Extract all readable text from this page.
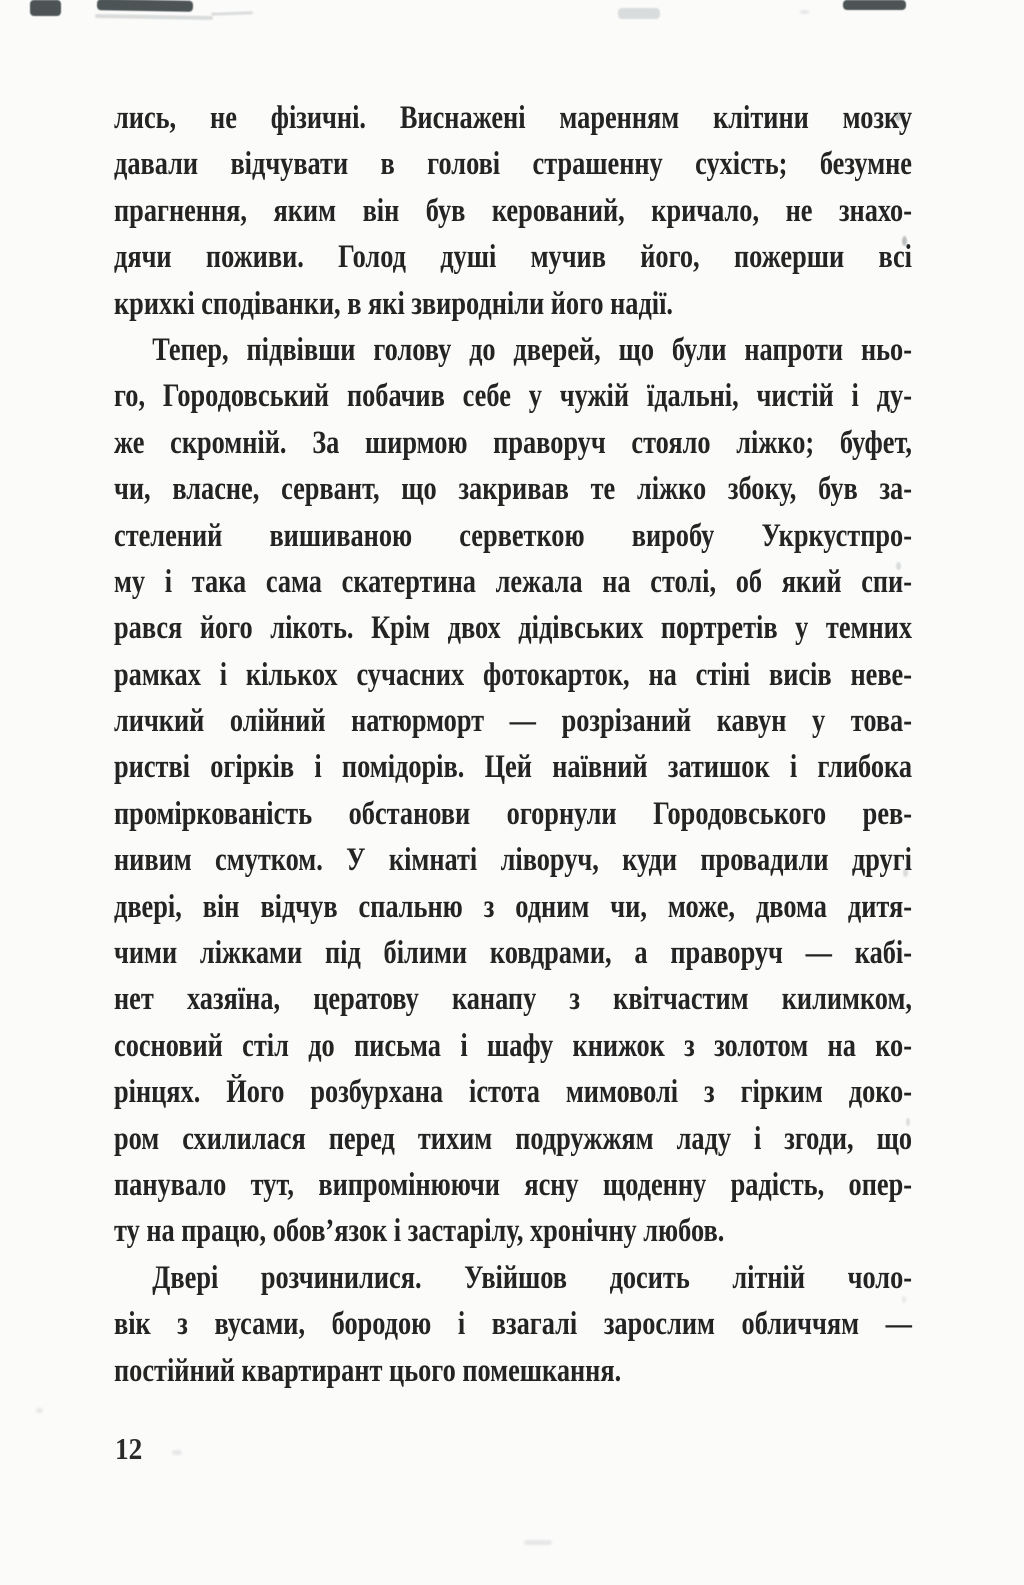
лись, не фізичні. Виснажені маренням клітини мозку
давали відчувати в голові страшенну сухість; безумне
прагнення, яким він був керований, кричало, не знахо-
дячи поживи. Голод душі мучив його, пожерши всі
крихкі сподіванки, в які звиродніли його надії.
Тепер, підвівши голову до дверей, що були напроти ньо-
го, Городовський побачив себе у чужій їдальні, чистій і ду-
же скромній. За ширмою праворуч стояло ліжко; буфет,
чи, власне, сервант, що закривав те ліжко збоку, був за-
стелений вишиваною серветкою виробу Укркустпро-
му і така сама скатертина лежала на столі, об який спи-
рався його лікоть. Крім двох дідівських портретів у темних
рамках і кількох сучасних фотокарток, на стіні висів неве-
личкий олійний натюрморт — розрізаний кавун у това-
ристві огірків і помідорів. Цей наївний затишок і глибока
проміркованість обстанови огорнули Городовського рев-
нивим смутком. У кімнаті ліворуч, куди провадили другі
двері, він відчув спальню з одним чи, може, двома дитя-
чими ліжками під білими ковдрами, а праворуч — кабі-
нет хазяїна, цератову канапу з квітчастим килимком,
сосновий стіл до письма і шафу книжок з золотом на ко-
рінцях. Його розбурхана істота мимоволі з гірким доко-
ром схилилася перед тихим подружжям ладу і згоди, що
панувало тут, випромінюючи ясну щоденну радість, опер-
ту на працю, обов’язок і застарілу, хронічну любов.
Двері розчинилися. Увійшов досить літній чоло-
вік з вусами, бородою і взагалі зарослим обличчям —
постійний квартирант цього помешкання.
12
